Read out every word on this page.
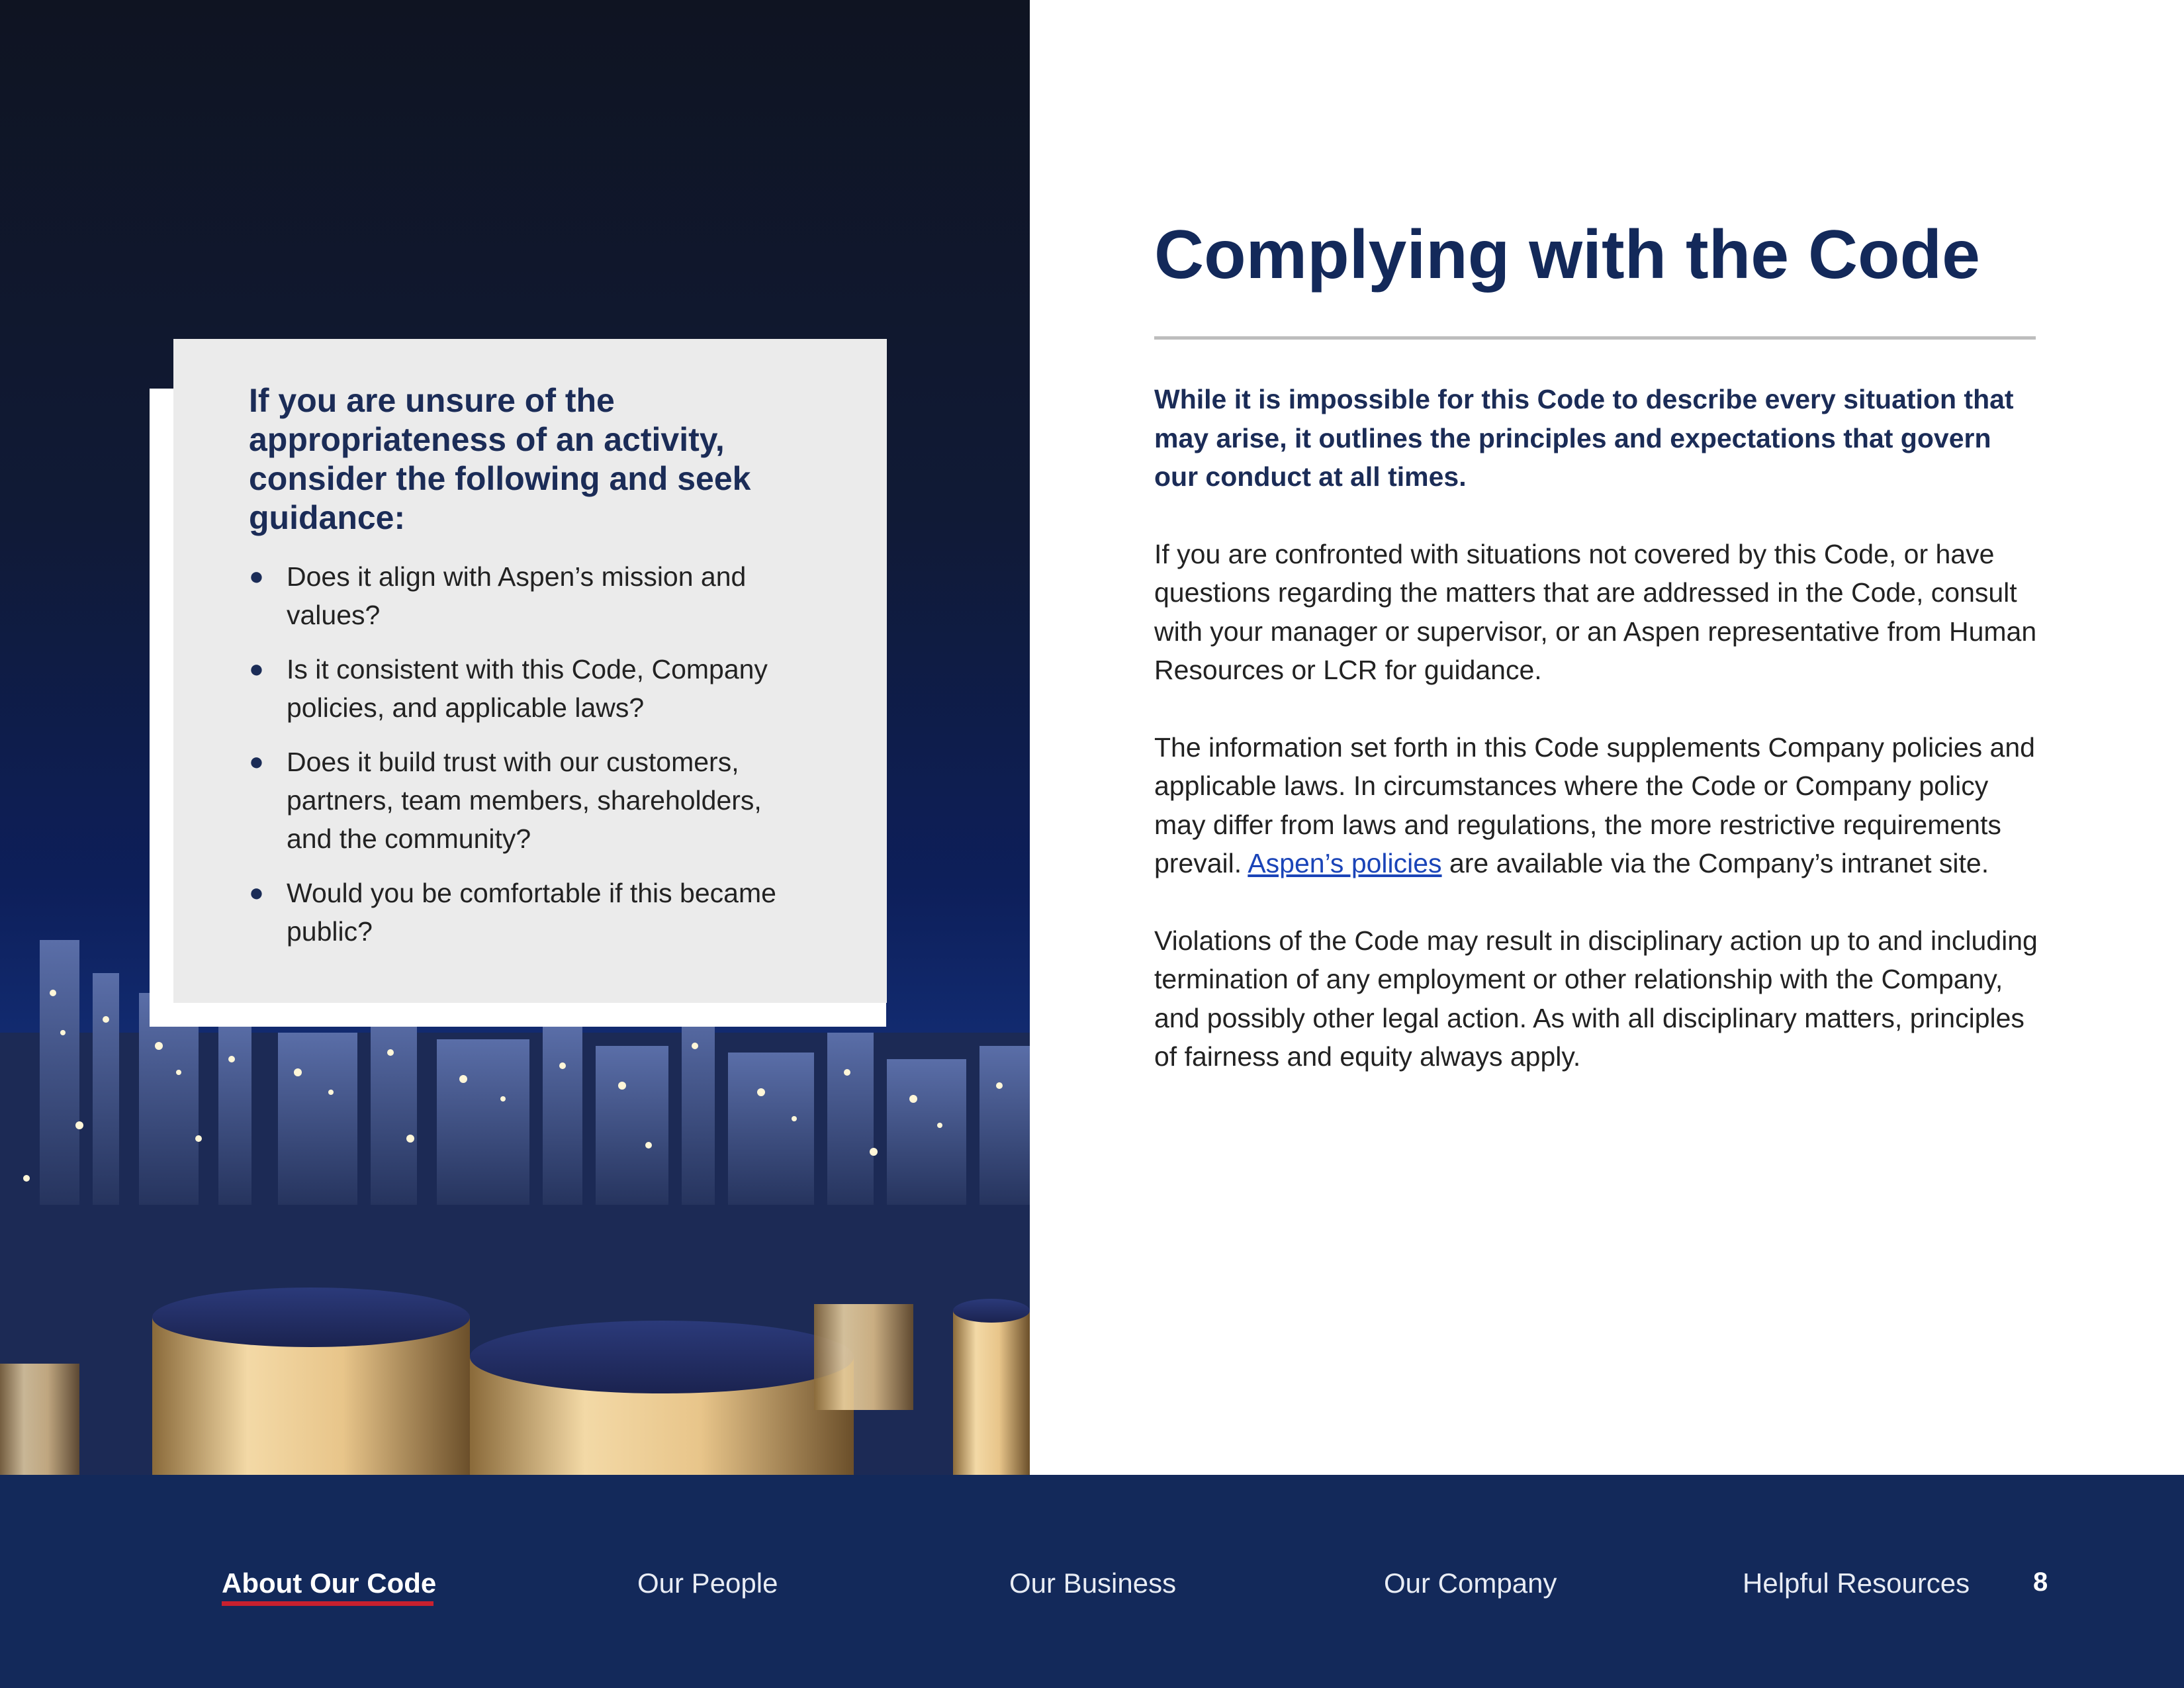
If you are unsure of the appropriateness of an activity, consider the following and seek guidance:
● Does it align with Aspen’s mission and values?
● Is it consistent with this Code, Company policies, and applicable laws?
● Does it build trust with our customers, partners, team members, shareholders, and the community?
● Would you be comfortable if this became public?
Complying with the Code

While it is impossible for this Code to describe every situation that may arise, it outlines the principles and expectations that govern our conduct at all times.

If you are confronted with situations not covered by this Code, or have questions regarding the matters that are addressed in the Code, consult with your manager or supervisor, or an Aspen representative from Human Resources or LCR for guidance.

The information set forth in this Code supplements Company policies and applicable laws. In circumstances where the Code or Company policy may differ from laws and regulations, the more restrictive requirements prevail. Aspen’s policies are available via the Company’s intranet site.

Violations of the Code may result in disciplinary action up to and including termination of any employment or other relationship with the Company, and possibly other legal action. As with all disciplinary matters, principles of fairness and equity always apply.

About Our Code	Our People	Our Business	Our Company	Helpful Resources 8
